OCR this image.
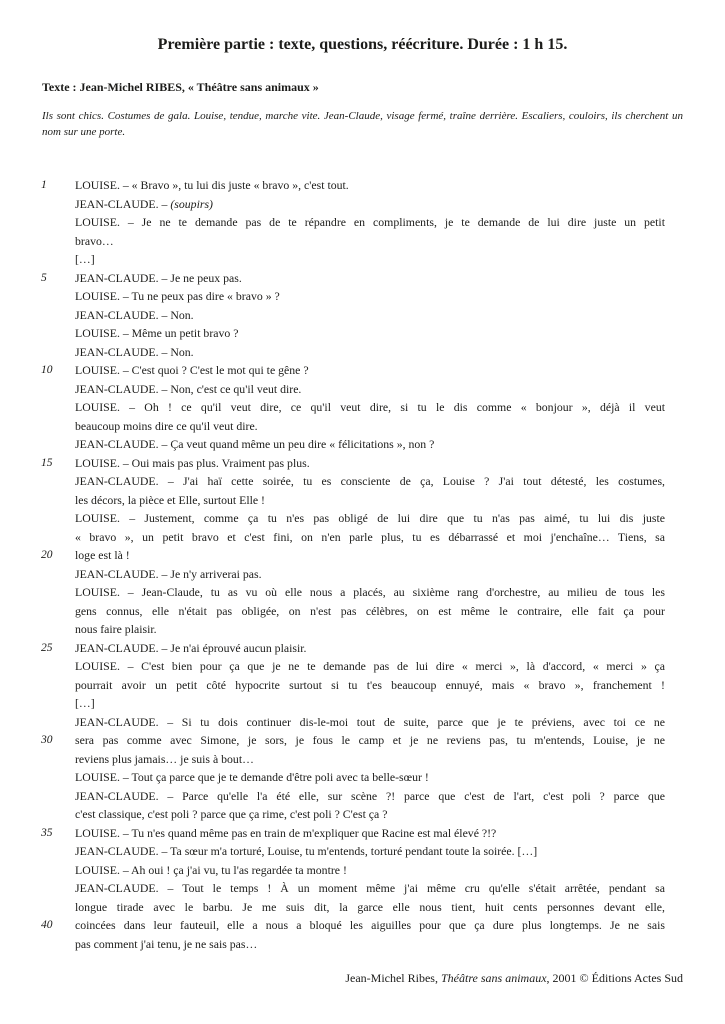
Première partie : texte, questions, réécriture. Durée : 1 h 15.

Texte : Jean-Michel RIBES, « Théâtre sans animaux »

Ils sont chics. Costumes de gala. Louise, tendue, marche vite. Jean-Claude, visage fermé, traîne derrière. Escaliers, couloirs, ils cherchent un nom sur une porte.

1	LOUISE. – « Bravo », tu lui dis juste « bravo », c'est tout.
JEAN-CLAUDE. – (soupirs)
LOUISE. – Je ne te demande pas de te répandre en compliments, je te demande de lui dire juste un petit
bravo…
[…]
5	JEAN-CLAUDE. – Je ne peux pas.
LOUISE. – Tu ne peux pas dire « bravo » ?
JEAN-CLAUDE. – Non.
LOUISE. – Même un petit bravo ?
JEAN-CLAUDE. – Non.
10	LOUISE. – C'est quoi ? C'est le mot qui te gêne ?
JEAN-CLAUDE. – Non, c'est ce qu'il veut dire.
LOUISE. – Oh ! ce qu'il veut dire, ce qu'il veut dire, si tu le dis comme « bonjour », déjà il veut
beaucoup moins dire ce qu'il veut dire.
JEAN-CLAUDE. – Ça veut quand même un peu dire « félicitations », non ?
15	LOUISE. – Oui mais pas plus. Vraiment pas plus.
JEAN-CLAUDE. – J'ai haï cette soirée, tu es consciente de ça, Louise ? J'ai tout détesté, les costumes,
les décors, la pièce et Elle, surtout Elle !
LOUISE. – Justement, comme ça tu n'es pas obligé de lui dire que tu n'as pas aimé, tu lui dis juste
« bravo », un petit bravo et c'est fini, on n'en parle plus, tu es débarrassé et moi j'enchaîne… Tiens, sa
20	loge est là !
JEAN-CLAUDE. – Je n'y arriverai pas.
LOUISE. – Jean-Claude, tu as vu où elle nous a placés, au sixième rang d'orchestre, au milieu de tous les
gens connus, elle n'était pas obligée, on n'est pas célèbres, on est même le contraire, elle fait ça pour
nous faire plaisir.
25	JEAN-CLAUDE. – Je n'ai éprouvé aucun plaisir.
LOUISE. – C'est bien pour ça que je ne te demande pas de lui dire « merci », là d'accord, « merci » ça
pourrait avoir un petit côté hypocrite surtout si tu t'es beaucoup ennuyé, mais « bravo », franchement !
[…]
JEAN-CLAUDE. – Si tu dois continuer dis-le-moi tout de suite, parce que je te préviens, avec toi ce ne
30	sera pas comme avec Simone, je sors, je fous le camp et je ne reviens pas, tu m'entends, Louise, je ne
reviens plus jamais… je suis à bout…
LOUISE. – Tout ça parce que je te demande d'être poli avec ta belle-sœur !
JEAN-CLAUDE. – Parce qu'elle l'a été elle, sur scène ?! parce que c'est de l'art, c'est poli ? parce que
c'est classique, c'est poli ? parce que ça rime, c'est poli ? C'est ça ?
35	LOUISE. – Tu n'es quand même pas en train de m'expliquer que Racine est mal élevé ?!?
JEAN-CLAUDE. – Ta sœur m'a torturé, Louise, tu m'entends, torturé pendant toute la soirée. […]
LOUISE. – Ah oui ! ça j'ai vu, tu l'as regardée ta montre !
JEAN-CLAUDE. – Tout le temps ! À un moment même j'ai même cru qu'elle s'était arrêtée, pendant sa
longue tirade avec le barbu. Je me suis dit, la garce elle nous tient, huit cents personnes devant elle,
40	coincées dans leur fauteuil, elle a nous a bloqué les aiguilles pour que ça dure plus longtemps. Je ne sais
pas comment j'ai tenu, je ne sais pas…

Jean-Michel Ribes, Théâtre sans animaux, 2001 © Éditions Actes Sud
